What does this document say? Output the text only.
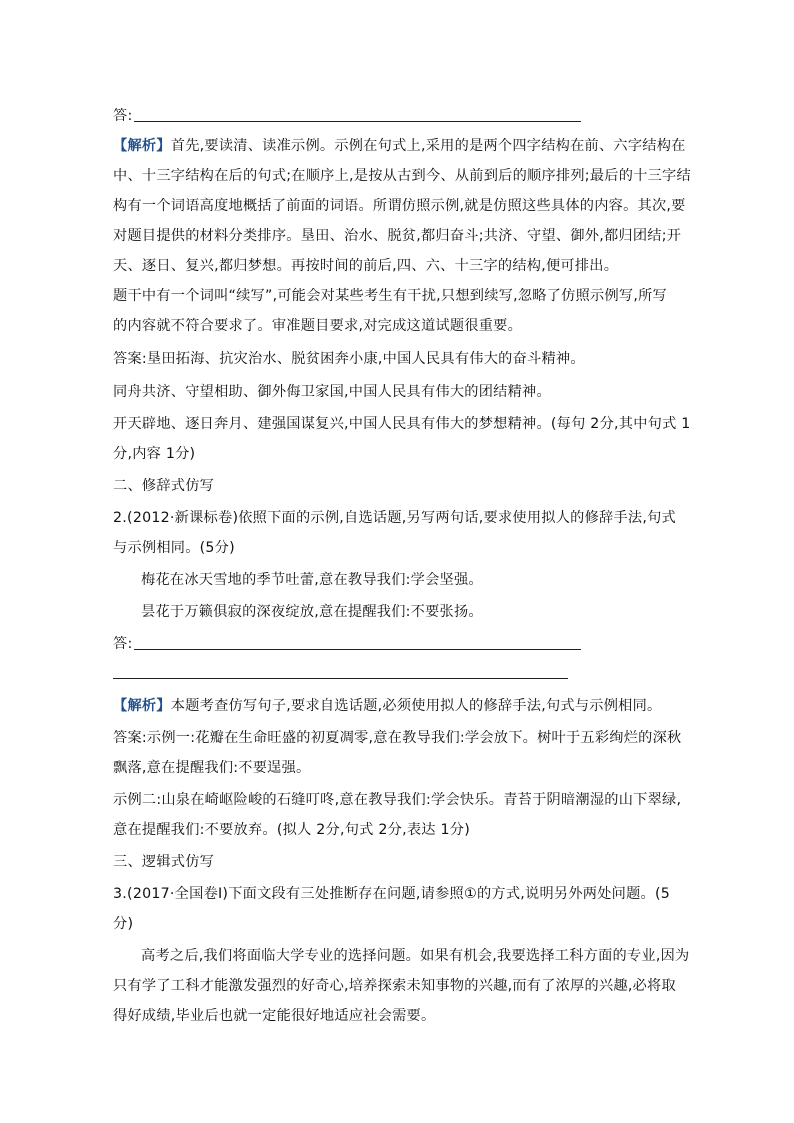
答:
【解析】首先,要读清、读准示例。示例在句式上,采用的是两个四字结构在前、六字结构在
中、十三字结构在后的句式;在顺序上,是按从古到今、从前到后的顺序排列;最后的十三字结
构有一个词语高度地概括了前面的词语。所谓仿照示例,就是仿照这些具体的内容。其次,要
对题目提供的材料分类排序。垦田、治水、脱贫,都归奋斗;共济、守望、御外,都归团结;开
天、逐日、复兴,都归梦想。再按时间的前后,四、六、十三字的结构,便可排出。
题干中有一个词叫“续写”,可能会对某些考生有干扰,只想到续写,忽略了仿照示例写,所写
的内容就不符合要求了。审准题目要求,对完成这道试题很重要。
答案:垦田拓海、抗灾治水、脱贫困奔小康,中国人民具有伟大的奋斗精神。
同舟共济、守望相助、御外侮卫家国,中国人民具有伟大的团结精神。
开天辟地、逐日奔月、建强国谋复兴,中国人民具有伟大的梦想精神。(每句 2分,其中句式 1
分,内容 1分)
二、修辞式仿写
2.(2012·新课标卷)依照下面的示例,自选话题,另写两句话,要求使用拟人的修辞手法,句式
与示例相同。(5分)
梅花在冰天雪地的季节吐蕾,意在教导我们:学会坚强。
昙花于万籁俱寂的深夜绽放,意在提醒我们:不要张扬。
答:
【解析】本题考查仿写句子,要求自选话题,必须使用拟人的修辞手法,句式与示例相同。
答案:示例一:花瓣在生命旺盛的初夏凋零,意在教导我们:学会放下。树叶于五彩绚烂的深秋
飘落,意在提醒我们:不要逞强。
示例二:山泉在崎岖险峻的石缝叮咚,意在教导我们:学会快乐。青苔于阴暗潮湿的山下翠绿,
意在提醒我们:不要放弃。(拟人 2分,句式 2分,表达 1分)
三、逻辑式仿写
3.(2017·全国卷Ⅰ)下面文段有三处推断存在问题,请参照①的方式,说明另外两处问题。(5
分)
高考之后,我们将面临大学专业的选择问题。如果有机会,我要选择工科方面的专业,因为
只有学了工科才能激发强烈的好奇心,培养探索未知事物的兴趣,而有了浓厚的兴趣,必将取
得好成绩,毕业后也就一定能很好地适应社会需要。
